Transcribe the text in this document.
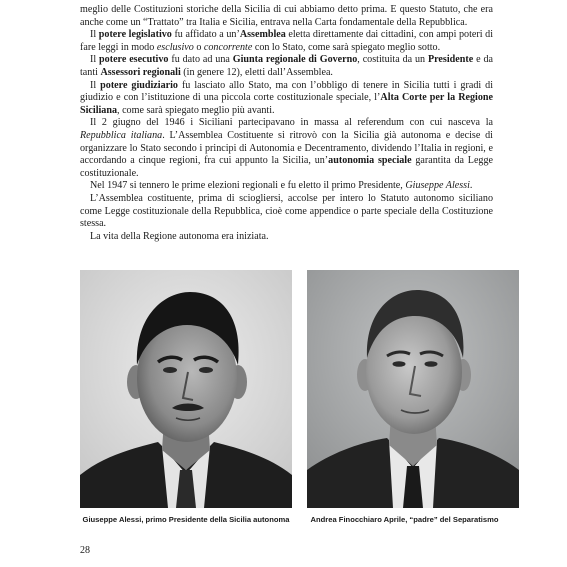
meglio delle Costituzioni storiche della Sicilia di cui abbiamo detto prima. E questo Statuto, che era anche come un “Trattato” tra Italia e Sicilia, entrava nella Carta fondamentale della Repubblica.

Il potere legislativo fu affidato a un’Assemblea eletta direttamente dai cittadini, con ampi poteri di fare leggi in modo esclusivo o concorrente con lo Stato, come sarà spiegato meglio sotto.

Il potere esecutivo fu dato ad una Giunta regionale di Governo, costituita da un Presidente e da tanti Assessori regionali (in genere 12), eletti dall’Assemblea.

Il potere giudiziario fu lasciato allo Stato, ma con l’obbligo di tenere in Sicilia tutti i gradi di giudizio e con l’istituzione di una piccola corte costituzionale speciale, l’Alta Corte per la Regione Siciliana, come sarà spiegato meglio più avanti.

Il 2 giugno del 1946 i Siciliani partecipavano in massa al referendum con cui nasceva la Repubblica italiana. L’Assemblea Costituente si ritrovò con la Sicilia già autonoma e decise di organizzare lo Stato secondo i principi di Autonomia e Decentramento, dividendo l’Italia in regioni, e accordando a cinque regioni, fra cui appunto la Sicilia, un’autonomia speciale garantita da Legge costituzionale.

Nel 1947 si tennero le prime elezioni regionali e fu eletto il primo Presidente, Giuseppe Alessi.

L’Assemblea costituente, prima di sciogliersi, accolse per intero lo Statuto autonomo siciliano come Legge costituzionale della Repubblica, cioè come appendice o parte speciale della Costituzione stessa.

La vita della Regione autonoma era iniziata.

Giuseppe Alessi, primo Presidente della Sicilia autonoma	Andrea Finocchiaro Aprile, “padre” del Separatismo
28
